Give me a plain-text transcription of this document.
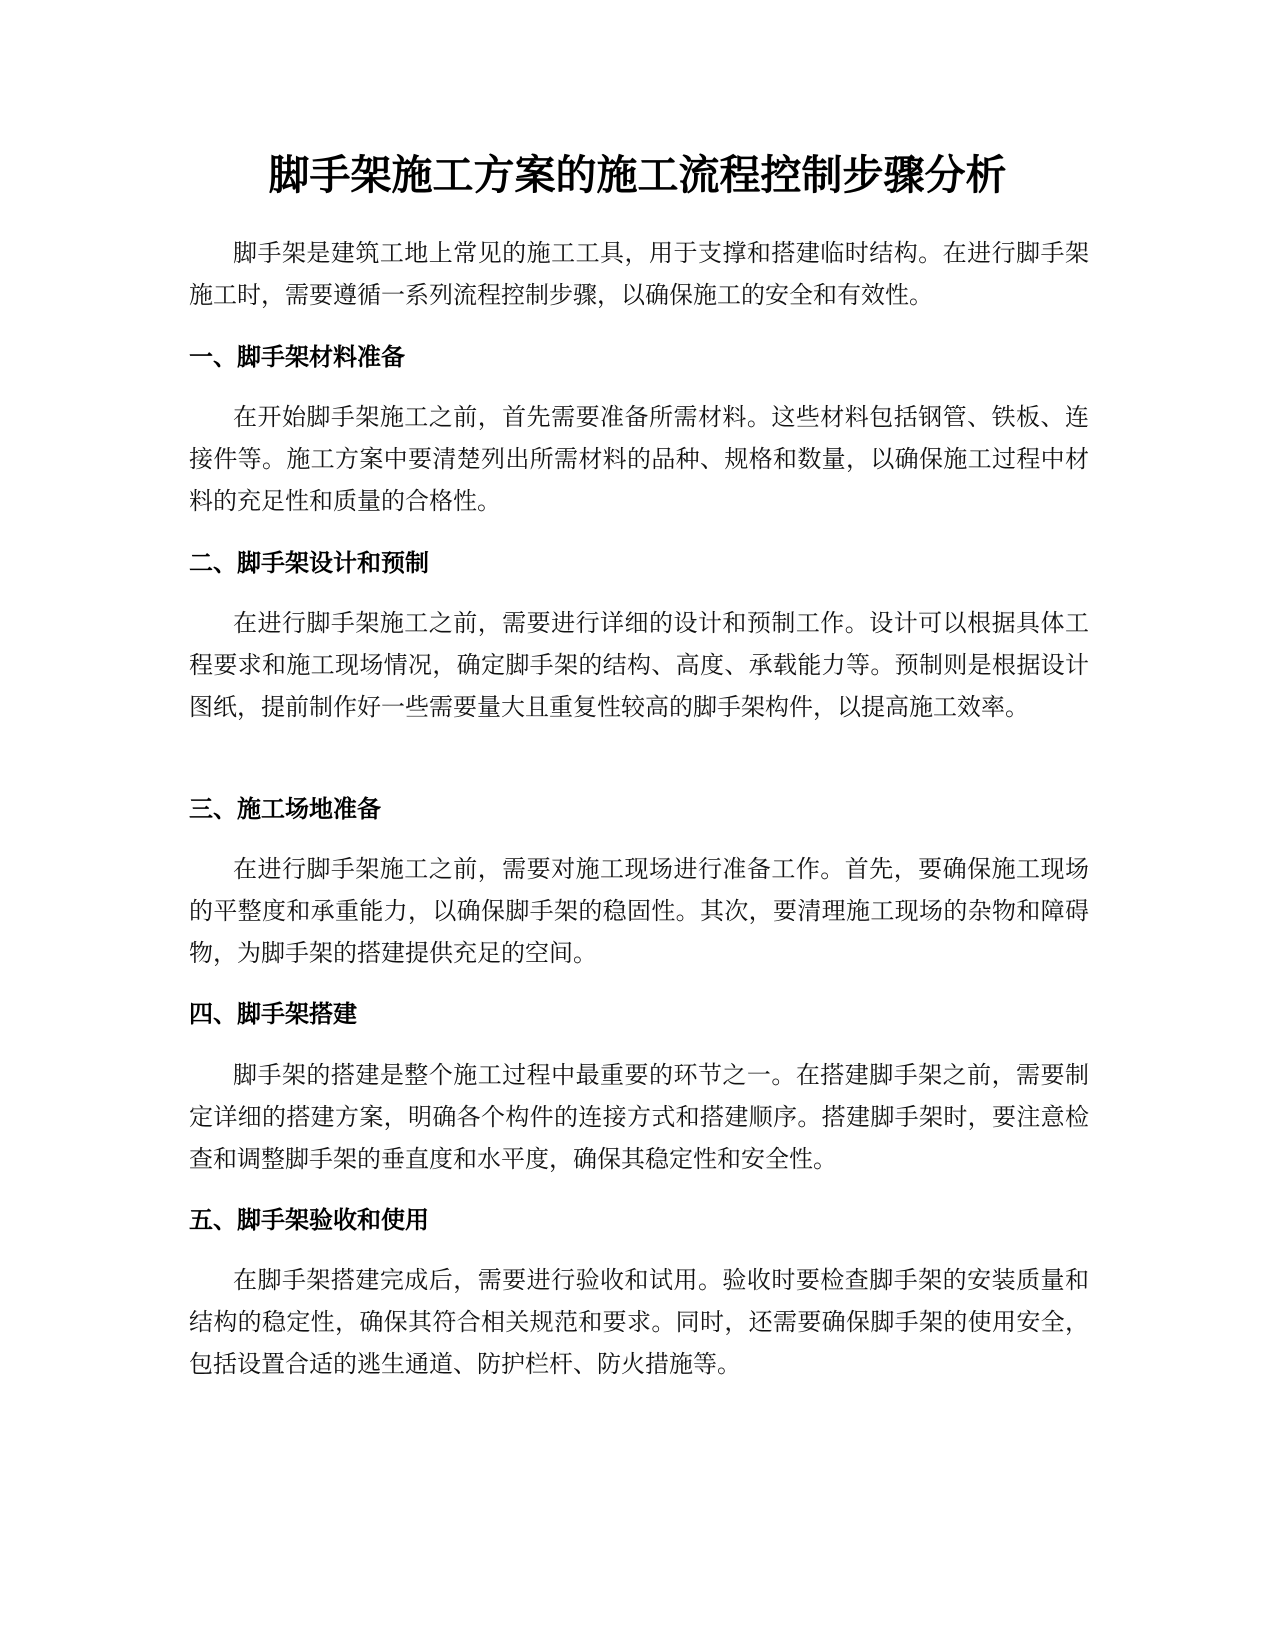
脚手架施工方案的施工流程控制步骤分析

脚手架是建筑工地上常见的施工工具，用于支撑和搭建临时结构。在进行脚手架施工时，需要遵循一系列流程控制步骤，以确保施工的安全和有效性。

一、脚手架材料准备

在开始脚手架施工之前，首先需要准备所需材料。这些材料包括钢管、铁板、连接件等。施工方案中要清楚列出所需材料的品种、规格和数量，以确保施工过程中材料的充足性和质量的合格性。

二、脚手架设计和预制

在进行脚手架施工之前，需要进行详细的设计和预制工作。设计可以根据具体工程要求和施工现场情况，确定脚手架的结构、高度、承载能力等。预制则是根据设计图纸，提前制作好一些需要量大且重复性较高的脚手架构件，以提高施工效率。

三、施工场地准备

在进行脚手架施工之前，需要对施工现场进行准备工作。首先，要确保施工现场的平整度和承重能力，以确保脚手架的稳固性。其次，要清理施工现场的杂物和障碍物，为脚手架的搭建提供充足的空间。

四、脚手架搭建

脚手架的搭建是整个施工过程中最重要的环节之一。在搭建脚手架之前，需要制定详细的搭建方案，明确各个构件的连接方式和搭建顺序。搭建脚手架时，要注意检查和调整脚手架的垂直度和水平度，确保其稳定性和安全性。

五、脚手架验收和使用

在脚手架搭建完成后，需要进行验收和试用。验收时要检查脚手架的安装质量和结构的稳定性，确保其符合相关规范和要求。同时，还需要确保脚手架的使用安全，包括设置合适的逃生通道、防护栏杆、防火措施等。
